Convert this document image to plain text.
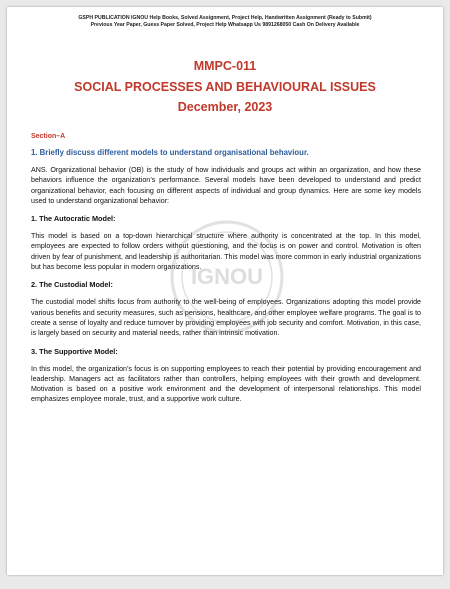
IGNOU
GSPH PUBLICATION IGNOU Help Books, Solved Assignment, Project Help, Handwritten Assignment (Ready to Submit)
Previous Year Paper, Guess Paper Solved, Project Help Whatsapp Us 9891268050 Cash On Delivery Available
MMPC-011
SOCIAL PROCESSES AND BEHAVIOURAL ISSUES
December, 2023
Section–A
1. Briefly discuss different models to understand organisational behaviour.

ANS. Organizational behavior (OB) is the study of how individuals and groups act within an organization, and how these behaviors influence the organization’s performance. Several models have been developed to understand and predict organizational behavior, each focusing on different aspects of individual and group dynamics. Here are some key models used to understand organizational behavior:

1. The Autocratic Model:

This model is based on a top-down hierarchical structure where authority is concentrated at the top. In this model, employees are expected to follow orders without questioning, and the focus is on power and control. Motivation is often driven by fear of punishment, and leadership is authoritarian. This model was more common in early industrial organizations but has become less popular in modern organizations.

2. The Custodial Model:

The custodial model shifts focus from authority to the well-being of employees. Organizations adopting this model provide various benefits and security measures, such as pensions, healthcare, and other employee welfare programs. The goal is to create a sense of loyalty and reduce turnover by providing employees with job security and comfort. Motivation, in this case, is largely based on security and material needs, rather than intrinsic motivation.

3. The Supportive Model:

In this model, the organization’s focus is on supporting employees to reach their potential by providing encouragement and leadership. Managers act as facilitators rather than controllers, helping employees with their growth and development. Motivation is based on a positive work environment and the development of interpersonal relationships. This model emphasizes employee morale, trust, and a supportive work culture.
